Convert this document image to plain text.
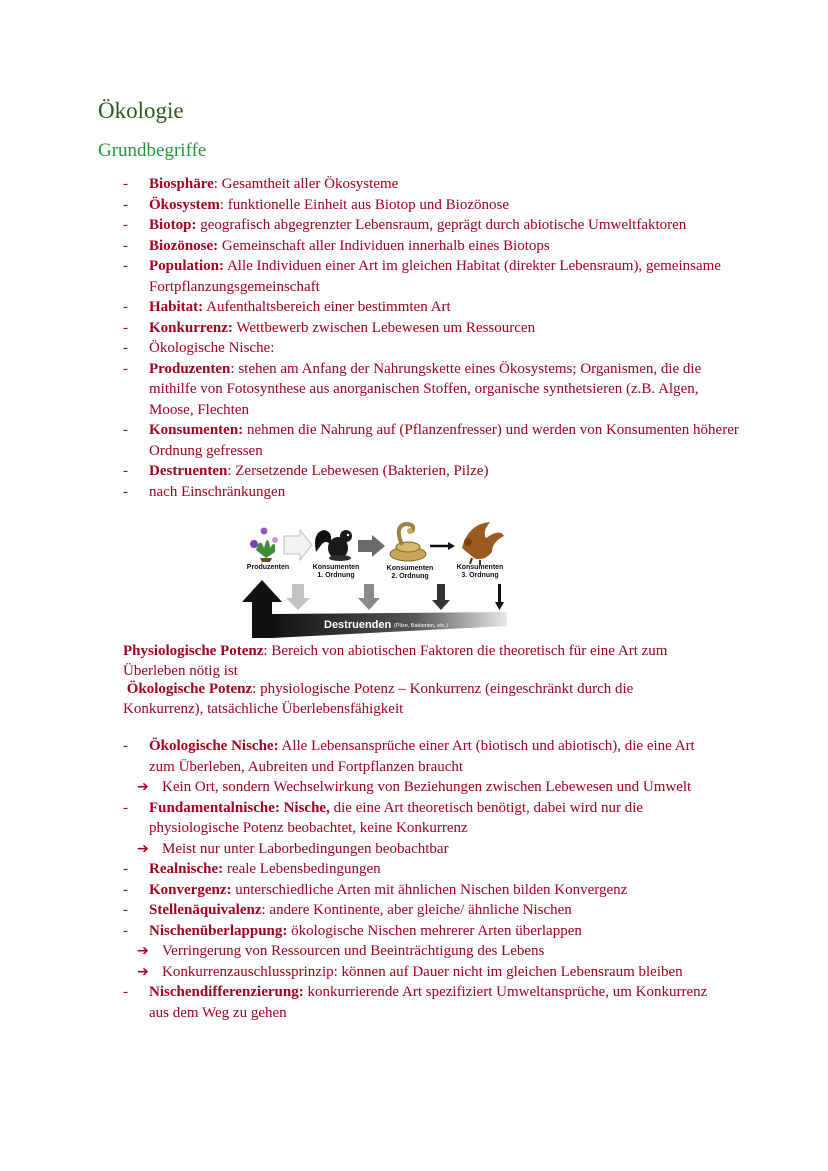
Ökologie
Grundbegriffe
- Biosphäre: Gesamtheit aller Ökosysteme
- Ökosystem: funktionelle Einheit aus Biotop und Biozönose
- Biotop: geografisch abgegrenzter Lebensraum, geprägt durch abiotische Umweltfaktoren
- Biozönose: Gemeinschaft aller Individuen innerhalb eines Biotops
- Population: Alle Individuen einer Art im gleichen Habitat (direkter Lebensraum), gemeinsame Fortpflanzungsgemeinschaft
- Habitat: Aufenthaltsbereich einer bestimmten Art
- Konkurrenz: Wettbewerb zwischen Lebewesen um Ressourcen
- Ökologische Nische:
- Produzenten: stehen am Anfang der Nahrungskette eines Ökosystems; Organismen, die die mithilfe von Fotosynthese aus anorganischen Stoffen, organische synthetsieren (z.B. Algen, Moose, Flechten
- Konsumenten: nehmen die Nahrung auf (Pflanzenfresser) und werden von Konsumenten höherer Ordnung gefressen
- Destruenten: Zersetzende Lebewesen (Bakterien, Pilze)
- nach Einschränkungen
Produzenten	Konsumenten
1. Ordnung
Konsumenten
2. Ordnung
Konsumenten
3. Ordnung
Destruenden (Pilze, Bakterien, etc.)
Physiologische Potenz: Bereich von abiotischen Faktoren die theoretisch für eine Art zum Überleben nötig ist
Ökologische Potenz: physiologische Potenz – Konkurrenz (eingeschränkt durch die Konkurrenz), tatsächliche Überlebensfähigkeit
- Ökologische Nische: Alle Lebensansprüche einer Art (biotisch und abiotisch), die eine Art zum Überleben, Aubreiten und Fortpflanzen braucht
➔ Kein Ort, sondern Wechselwirkung von Beziehungen zwischen Lebewesen und Umwelt
- Fundamentalnische: Nische, die eine Art theoretisch benötigt, dabei wird nur die physiologische Potenz beobachtet, keine Konkurrenz
➔ Meist nur unter Laborbedingungen beobachtbar
- Realnische: reale Lebensbedingungen
- Konvergenz: unterschiedliche Arten mit ähnlichen Nischen bilden Konvergenz
- Stellenäquivalenz: andere Kontinente, aber gleiche/ ähnliche Nischen
- Nischenüberlappung: ökologische Nischen mehrerer Arten überlappen
➔ Verringerung von Ressourcen und Beeinträchtigung des Lebens
➔ Konkurrenzauschlussprinzip: können auf Dauer nicht im gleichen Lebensraum bleiben
- Nischendifferenzierung: konkurrierende Art spezifiziert Umweltansprüche, um Konkurrenz aus dem Weg zu gehen
